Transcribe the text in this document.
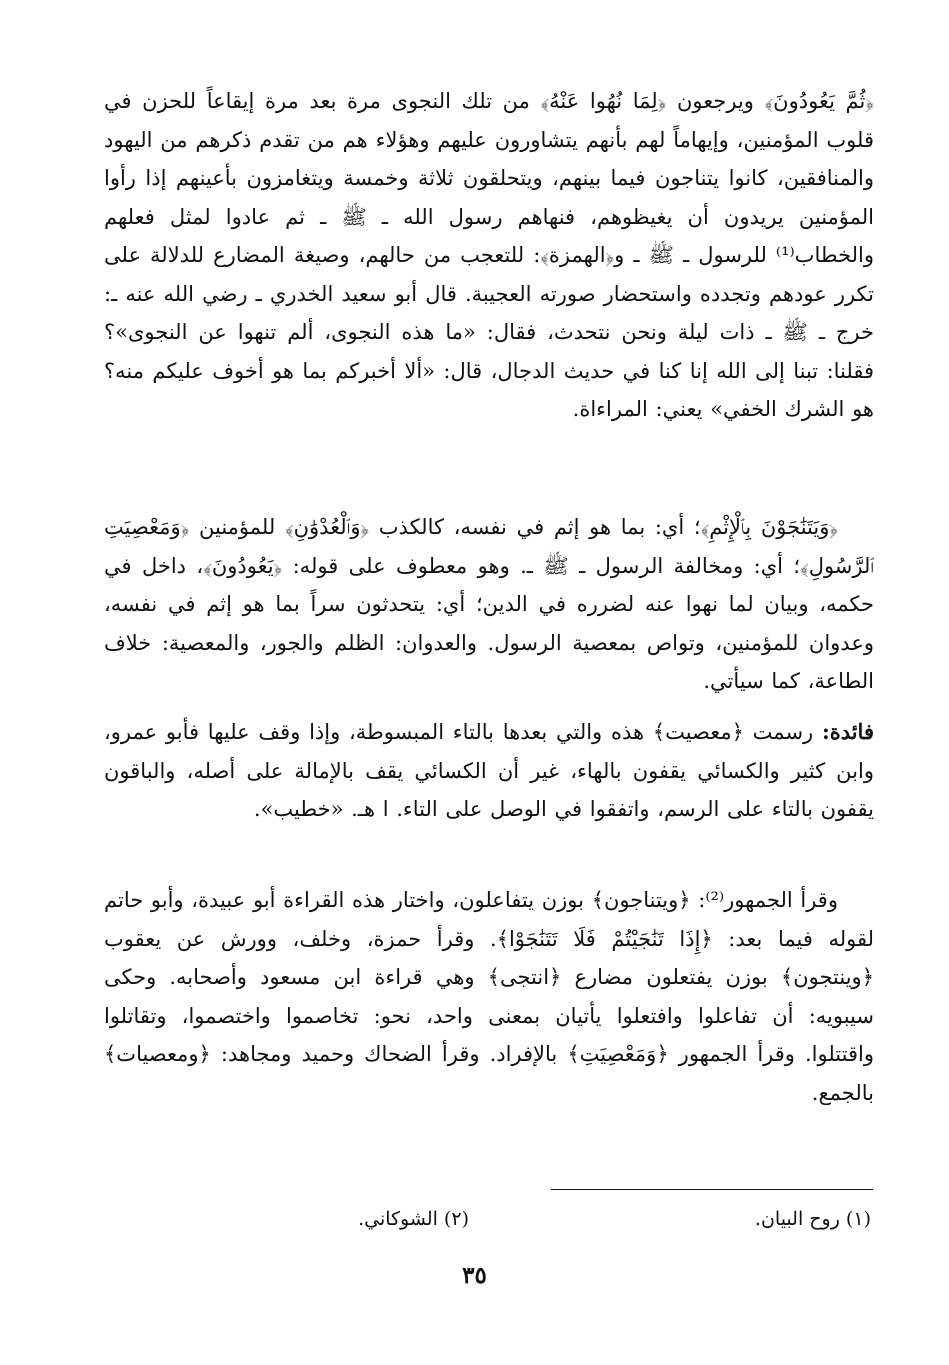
﴿ثُمَّ يَعُودُونَ﴾ ويرجعون ﴿لِمَا نُهُوا عَنْهُ﴾ من تلك النجوى مرة بعد مرة إيقاعاً للحزن في قلوب المؤمنين، وإيهاماً لهم بأنهم يتشاورون عليهم وهؤلاء هم من تقدم ذكرهم من اليهود والمنافقين، كانوا يتناجون فيما بينهم، ويتحلقون ثلاثة وخمسة ويتغامزون بأعينهم إذا رأوا المؤمنين يريدون أن يغيظوهم، فنهاهم رسول الله ـ ﷺ ـ ثم عادوا لمثل فعلهم والخطاب⁽¹⁾ للرسول ـ ﷺ ـ و﴿الهمزة﴾: للتعجب من حالهم، وصيغة المضارع للدلالة على تكرر عودهم وتجدده واستحضار صورته العجيبة. قال أبو سعيد الخدري ـ رضي الله عنه ـ: خرج ـ ﷺ ـ ذات ليلة ونحن نتحدث، فقال: «ما هذه النجوى، ألم تنهوا عن النجوى»؟ فقلنا: تبنا إلى الله إنا كنا في حديث الدجال، قال: «ألا أخبركم بما هو أخوف عليكم منه؟ هو الشرك الخفي» يعني: المراءاة.

﴿وَيَتَنَٰجَوْنَ بِٱلْإِثْمِ﴾؛ أي: بما هو إثم في نفسه، كالكذب ﴿وَٱلْعُدْوَٰنِ﴾ للمؤمنين ﴿وَمَعْصِيَتِ ٱلرَّسُولِ﴾؛ أي: ومخالفة الرسول ـ ﷺ ـ. وهو معطوف على قوله: ﴿يَعُودُونَ﴾، داخل في حكمه، وبيان لما نهوا عنه لضرره في الدين؛ أي: يتحدثون سراً بما هو إثم في نفسه، وعدوان للمؤمنين، وتواص بمعصية الرسول. والعدوان: الظلم والجور، والمعصية: خلاف الطاعة، كما سيأتي.

فائدة: رسمت ﴿معصيت﴾ هذه والتي بعدها بالتاء المبسوطة، وإذا وقف عليها فأبو عمرو، وابن كثير والكسائي يقفون بالهاء، غير أن الكسائي يقف بالإمالة على أصله، والباقون يقفون بالتاء على الرسم، واتفقوا في الوصل على التاء. ا هـ. «خطيب».

وقرأ الجمهور⁽²⁾: ﴿ويتناجون﴾ بوزن يتفاعلون، واختار هذه القراءة أبو عبيدة، وأبو حاتم لقوله فيما بعد: ﴿إِذَا تَنَٰجَيْتُمْ فَلَا تَتَنَٰجَوْا﴾. وقرأ حمزة، وخلف، وورش عن يعقوب ﴿وينتجون﴾ بوزن يفتعلون مضارع ﴿انتجى﴾ وهي قراءة ابن مسعود وأصحابه. وحكى سيبويه: أن تفاعلوا وافتعلوا يأتيان بمعنى واحد، نحو: تخاصموا واختصموا، وتقاتلوا واقتتلوا. وقرأ الجمهور ﴿وَمَعْصِيَتِ﴾ بالإفراد. وقرأ الضحاك وحميد ومجاهد: ﴿ومعصيات﴾ بالجمع.

(١) روح البيان.
(٢) الشوكاني.
٣٥
